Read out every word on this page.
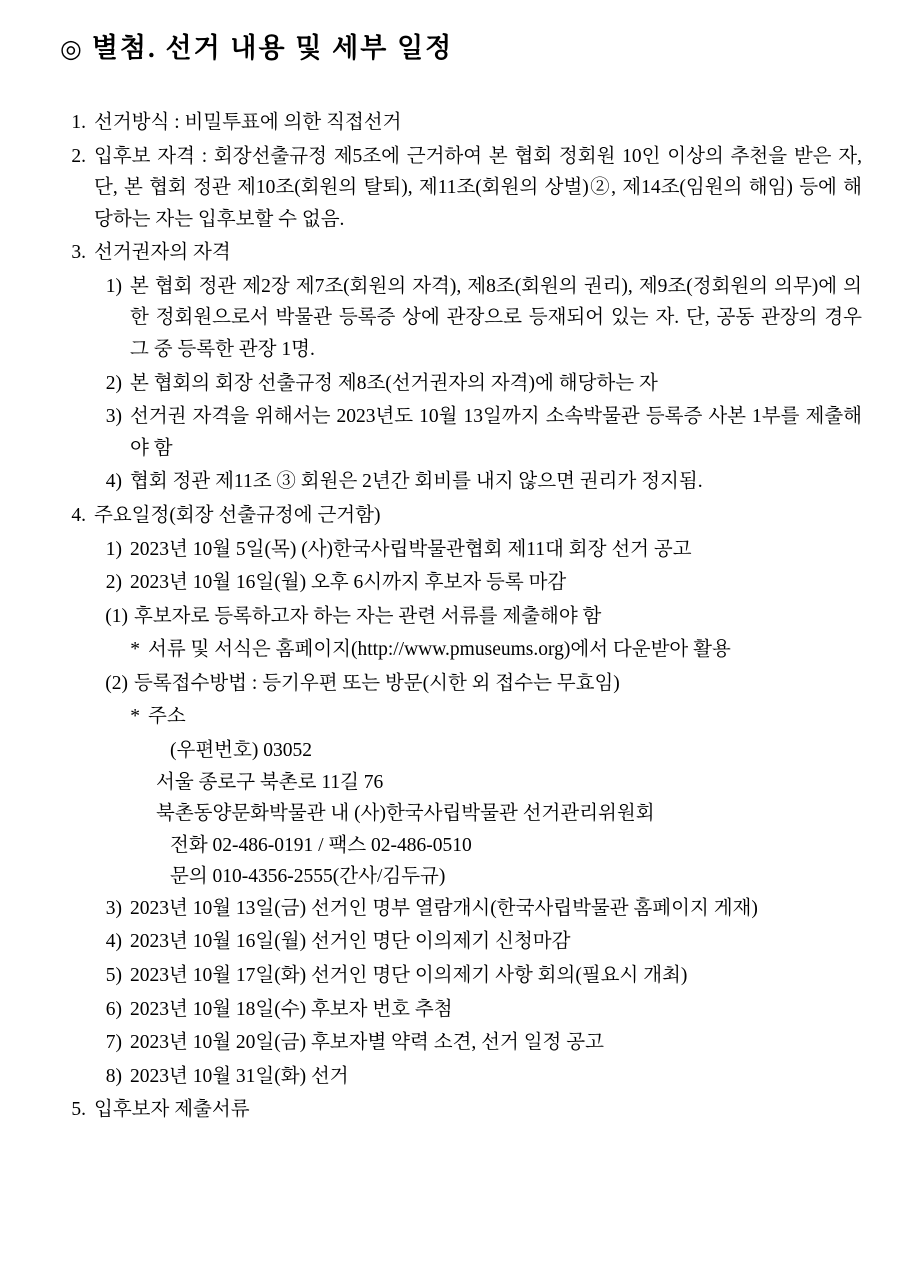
◎ 별첨. 선거 내용 및 세부 일정
1. 선거방식 : 비밀투표에 의한 직접선거
2. 입후보 자격 : 회장선출규정 제5조에 근거하여 본 협회 정회원 10인 이상의 추천을 받은 자, 단, 본 협회 정관 제10조(회원의 탈퇴), 제11조(회원의 상벌)②, 제14조(임원의 해임) 등에 해당하는 자는 입후보할 수 없음.
3. 선거권자의 자격
1) 본 협회 정관 제2장 제7조(회원의 자격), 제8조(회원의 권리), 제9조(정회원의 의무)에 의한 정회원으로서 박물관 등록증 상에 관장으로 등재되어 있는 자. 단, 공동 관장의 경우 그 중 등록한 관장 1명.
2) 본 협회의 회장 선출규정 제8조(선거권자의 자격)에 해당하는 자
3) 선거권 자격을 위해서는 2023년도 10월 13일까지 소속박물관 등록증 사본 1부를 제출해야 함
4) 협회 정관 제11조 ③ 회원은 2년간 회비를 내지 않으면 권리가 정지됨.
4. 주요일정(회장 선출규정에 근거함)
1) 2023년 10월 5일(목) (사)한국사립박물관협회 제11대 회장 선거 공고
2) 2023년 10월 16일(월) 오후 6시까지 후보자 등록 마감
(1) 후보자로 등록하고자 하는 자는 관련 서류를 제출해야 함
* 서류 및 서식은 홈페이지(http://www.pmuseums.org)에서 다운받아 활용
(2) 등록접수방법 : 등기우편 또는 방문(시한 외 접수는 무효임)
* 주소
(우편번호) 03052
서울 종로구 북촌로 11길 76
북촌동양문화박물관 내 (사)한국사립박물관 선거관리위원회
전화 02-486-0191 / 팩스 02-486-0510
문의 010-4356-2555(간사/김두규)
3) 2023년 10월 13일(금) 선거인 명부 열람개시(한국사립박물관 홈페이지 게재)
4) 2023년 10월 16일(월) 선거인 명단 이의제기 신청마감
5) 2023년 10월 17일(화) 선거인 명단 이의제기 사항 회의(필요시 개최)
6) 2023년 10월 18일(수) 후보자 번호 추첨
7) 2023년 10월 20일(금) 후보자별 약력 소견, 선거 일정 공고
8) 2023년 10월 31일(화) 선거
5. 입후보자 제출서류
